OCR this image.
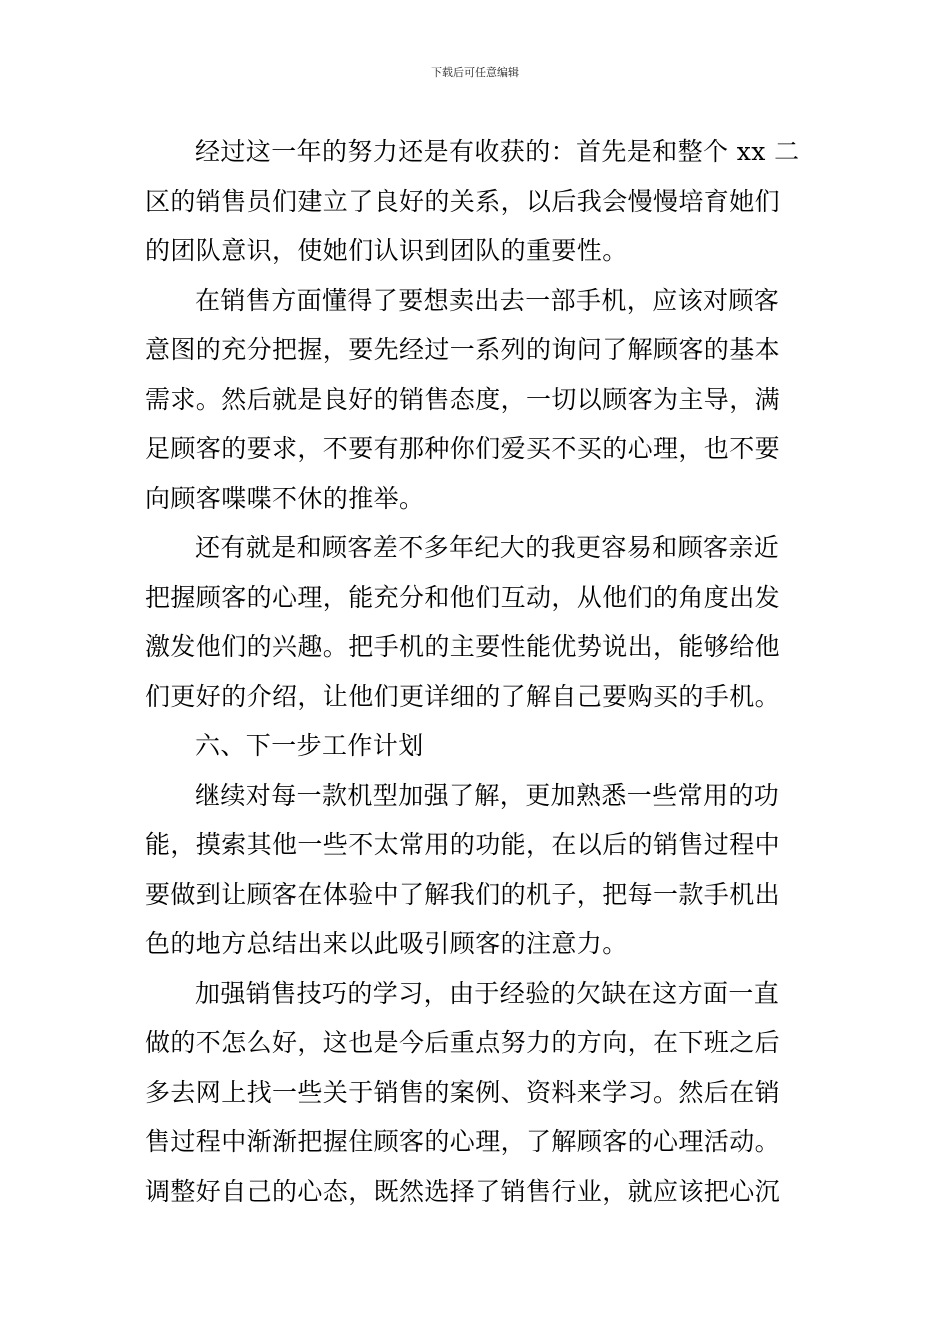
下载后可任意编辑
经过这一年的努力还是有收获的：首先是和整个 xx 二
区的销售员们建立了良好的关系，以后我会慢慢培育她们
的团队意识，使她们认识到团队的重要性。
在销售方面懂得了要想卖出去一部手机，应该对顾客
意图的充分把握，要先经过一系列的询问了解顾客的基本
需求。然后就是良好的销售态度，一切以顾客为主导，满
足顾客的要求，不要有那种你们爱买不买的心理，也不要
向顾客喋喋不休的推举。
还有就是和顾客差不多年纪大的我更容易和顾客亲近
把握顾客的心理，能充分和他们互动，从他们的角度出发
激发他们的兴趣。把手机的主要性能优势说出，能够给他
们更好的介绍，让他们更详细的了解自己要购买的手机。
六、下一步工作计划
继续对每一款机型加强了解，更加熟悉一些常用的功
能，摸索其他一些不太常用的功能，在以后的销售过程中
要做到让顾客在体验中了解我们的机子，把每一款手机出
色的地方总结出来以此吸引顾客的注意力。
加强销售技巧的学习，由于经验的欠缺在这方面一直
做的不怎么好，这也是今后重点努力的方向，在下班之后
多去网上找一些关于销售的案例、资料来学习。然后在销
售过程中渐渐把握住顾客的心理，了解顾客的心理活动。
调整好自己的心态，既然选择了销售行业，就应该把心沉
